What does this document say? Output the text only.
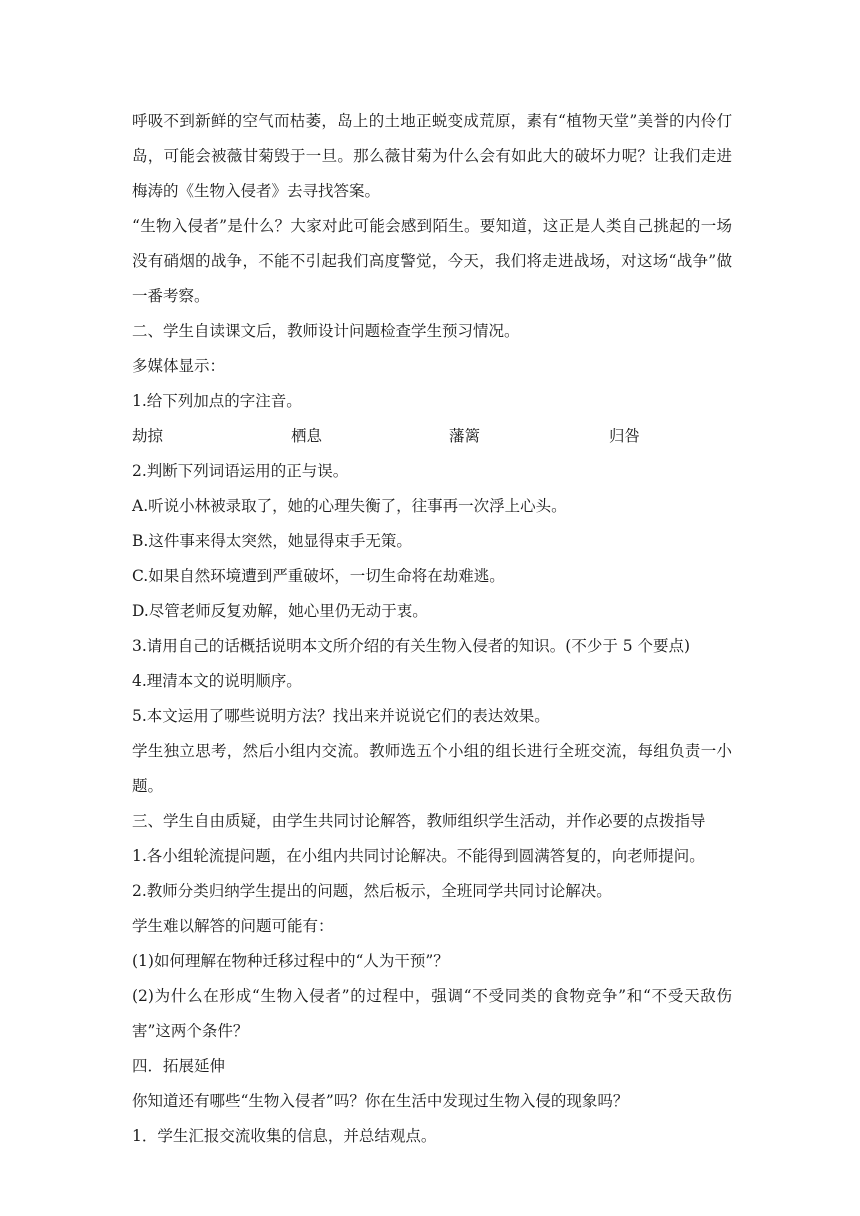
呼吸不到新鲜的空气而枯萎，岛上的土地正蜕变成荒原，素有“植物天堂”美誉的内伶仃岛，可能会被薇甘菊毁于一旦。那么薇甘菊为什么会有如此大的破坏力呢？让我们走进梅涛的《生物入侵者》去寻找答案。

“生物入侵者”是什么？大家对此可能会感到陌生。要知道，这正是人类自己挑起的一场没有硝烟的战争，不能不引起我们高度警觉，今天，我们将走进战场，对这场“战争”做一番考察。

二、学生自读课文后，教师设计问题检查学生预习情况。

多媒体显示：

1.给下列加点的字注音。

劫掠	栖息	藩篱	归咎

2.判断下列词语运用的正与误。

A.听说小林被录取了，她的心理失衡了，往事再一次浮上心头。

B.这件事来得太突然，她显得束手无策。

C.如果自然环境遭到严重破坏，一切生命将在劫难逃。

D.尽管老师反复劝解，她心里仍无动于衷。

3.请用自己的话概括说明本文所介绍的有关生物入侵者的知识。(不少于 5 个要点)

4.理清本文的说明顺序。

5.本文运用了哪些说明方法？找出来并说说它们的表达效果。

学生独立思考，然后小组内交流。教师选五个小组的组长进行全班交流，每组负责一小题。

三、学生自由质疑，由学生共同讨论解答，教师组织学生活动，并作必要的点拨指导

1.各小组轮流提问题，在小组内共同讨论解决。不能得到圆满答复的，向老师提问。

2.教师分类归纳学生提出的问题，然后板示，全班同学共同讨论解决。

学生难以解答的问题可能有：

(1)如何理解在物种迁移过程中的“人为干预”？

(2)为什么在形成“生物入侵者”的过程中，强调“不受同类的食物竞争”和“不受天敌伤害”这两个条件？

四．拓展延伸

你知道还有哪些“生物入侵者”吗？你在生活中发现过生物入侵的现象吗？

1．学生汇报交流收集的信息，并总结观点。
